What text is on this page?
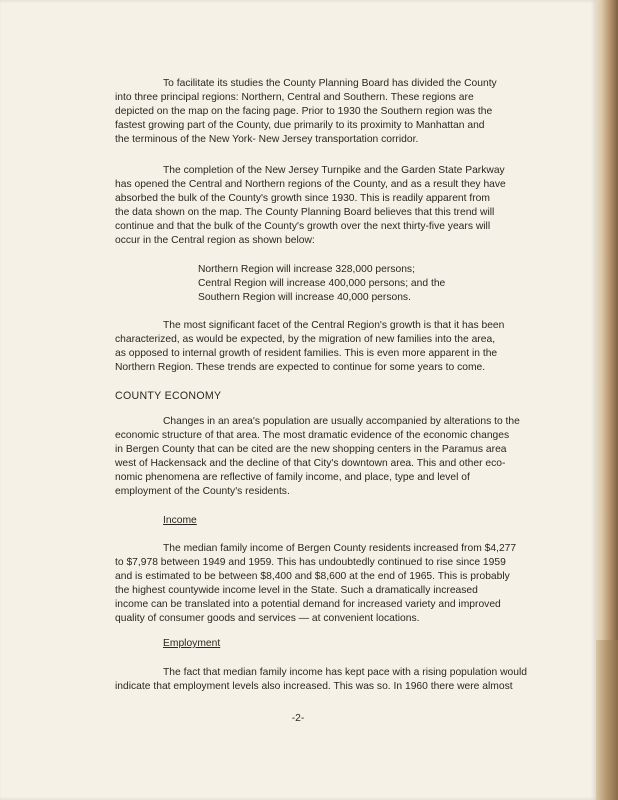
To facilitate its studies the County Planning Board has divided the County
into three principal regions: Northern, Central and Southern. These regions are
depicted on the map on the facing page. Prior to 1930 the Southern region was the
fastest growing part of the County, due primarily to its proximity to Manhattan and
the terminous of the New York- New Jersey transportation corridor.

The completion of the New Jersey Turnpike and the Garden State Parkway
has opened the Central and Northern regions of the County, and as a result they have
absorbed the bulk of the County's growth since 1930. This is readily apparent from
the data shown on the map. The County Planning Board believes that this trend will
continue and that the bulk of the County's growth over the next thirty-five years will
occur in the Central region as shown below:

Northern Region will increase 328,000 persons;
Central Region will increase 400,000 persons; and the
Southern Region will increase 40,000 persons.

The most significant facet of the Central Region's growth is that it has been
characterized, as would be expected, by the migration of new families into the area,
as opposed to internal growth of resident families. This is even more apparent in the
Northern Region. These trends are expected to continue for some years to come.

COUNTY ECONOMY

Changes in an area's population are usually accompanied by alterations to the
economic structure of that area. The most dramatic evidence of the economic changes
in Bergen County that can be cited are the new shopping centers in the Paramus area
west of Hackensack and the decline of that City's downtown area. This and other eco-
nomic phenomena are reflective of family income, and place, type and level of
employment of the County's residents.

Income

The median family income of Bergen County residents increased from $4,277
to $7,978 between 1949 and 1959. This has undoubtedly continued to rise since 1959
and is estimated to be between $8,400 and $8,600 at the end of 1965. This is probably
the highest countywide income level in the State. Such a dramatically increased
income can be translated into a potential demand for increased variety and improved
quality of consumer goods and services — at convenient locations.

Employment

The fact that median family income has kept pace with a rising population would
indicate that employment levels also increased. This was so. In 1960 there were almost

-2-
